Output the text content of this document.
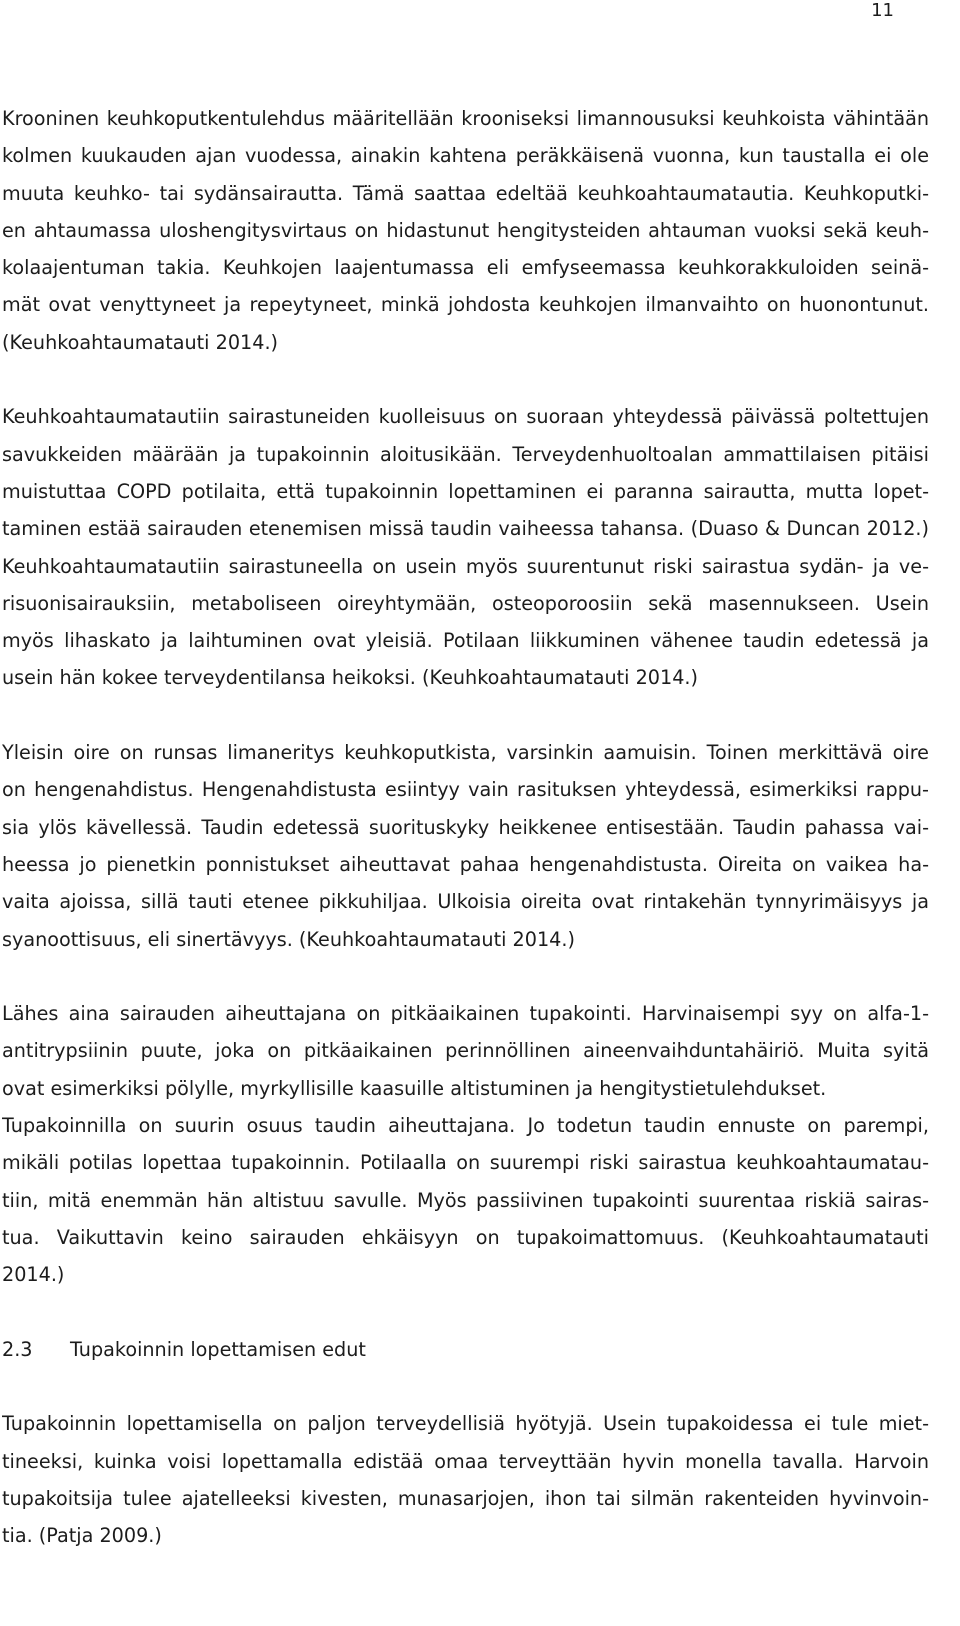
11
Krooninen keuhkoputkentulehdus määritellään krooniseksi limannousuksi keuhkoista vähintään
kolmen kuukauden ajan vuodessa, ainakin kahtena peräkkäisenä vuonna, kun taustalla ei ole
muuta keuhko- tai sydänsairautta. Tämä saattaa edeltää keuhkoahtaumatautia. Keuhkoputki-
en ahtaumassa uloshengitysvirtaus on hidastunut hengitysteiden ahtauman vuoksi sekä keuh-
kolaajentuman takia. Keuhkojen laajentumassa eli emfyseemassa keuhkorakkuloiden seinä-
mät ovat venyttyneet ja repeytyneet, minkä johdosta keuhkojen ilmanvaihto on huonontunut.
(Keuhkoahtaumatauti 2014.)
Keuhkoahtaumatautiin sairastuneiden kuolleisuus on suoraan yhteydessä päivässä poltettujen
savukkeiden määrään ja tupakoinnin aloitusikään. Terveydenhuoltoalan ammattilaisen pitäisi
muistuttaa COPD potilaita, että tupakoinnin lopettaminen ei paranna sairautta, mutta lopet-
taminen estää sairauden etenemisen missä taudin vaiheessa tahansa. (Duaso & Duncan 2012.)
Keuhkoahtaumatautiin sairastuneella on usein myös suurentunut riski sairastua sydän- ja ve-
risuonisairauksiin, metaboliseen oireyhtymään, osteoporoosiin sekä masennukseen. Usein
myös lihaskato ja laihtuminen ovat yleisiä. Potilaan liikkuminen vähenee taudin edetessä ja
usein hän kokee terveydentilansa heikoksi. (Keuhkoahtaumatauti 2014.)
Yleisin oire on runsas limaneritys keuhkoputkista, varsinkin aamuisin. Toinen merkittävä oire
on hengenahdistus. Hengenahdistusta esiintyy vain rasituksen yhteydessä, esimerkiksi rappu-
sia ylös kävellessä. Taudin edetessä suorituskyky heikkenee entisestään. Taudin pahassa vai-
heessa jo pienetkin ponnistukset aiheuttavat pahaa hengenahdistusta. Oireita on vaikea ha-
vaita ajoissa, sillä tauti etenee pikkuhiljaa. Ulkoisia oireita ovat rintakehän tynnyrimäisyys ja
syanoottisuus, eli sinertävyys. (Keuhkoahtaumatauti 2014.)
Lähes aina sairauden aiheuttajana on pitkäaikainen tupakointi. Harvinaisempi syy on alfa-1-
antitrypsiinin puute, joka on pitkäaikainen perinnöllinen aineenvaihduntahäiriö. Muita syitä
ovat esimerkiksi pölylle, myrkyllisille kaasuille altistuminen ja hengitystietulehdukset.
Tupakoinnilla on suurin osuus taudin aiheuttajana. Jo todetun taudin ennuste on parempi,
mikäli potilas lopettaa tupakoinnin. Potilaalla on suurempi riski sairastua keuhkoahtaumatau-
tiin, mitä enemmän hän altistuu savulle. Myös passiivinen tupakointi suurentaa riskiä sairas-
tua. Vaikuttavin keino sairauden ehkäisyyn on tupakoimattomuus. (Keuhkoahtaumatauti
2014.)
2.3	Tupakoinnin lopettamisen edut
Tupakoinnin lopettamisella on paljon terveydellisiä hyötyjä. Usein tupakoidessa ei tule miet-
tineeksi, kuinka voisi lopettamalla edistää omaa terveyttään hyvin monella tavalla. Harvoin
tupakoitsija tulee ajatelleeksi kivesten, munasarjojen, ihon tai silmän rakenteiden hyvinvoin-
tia. (Patja 2009.)
